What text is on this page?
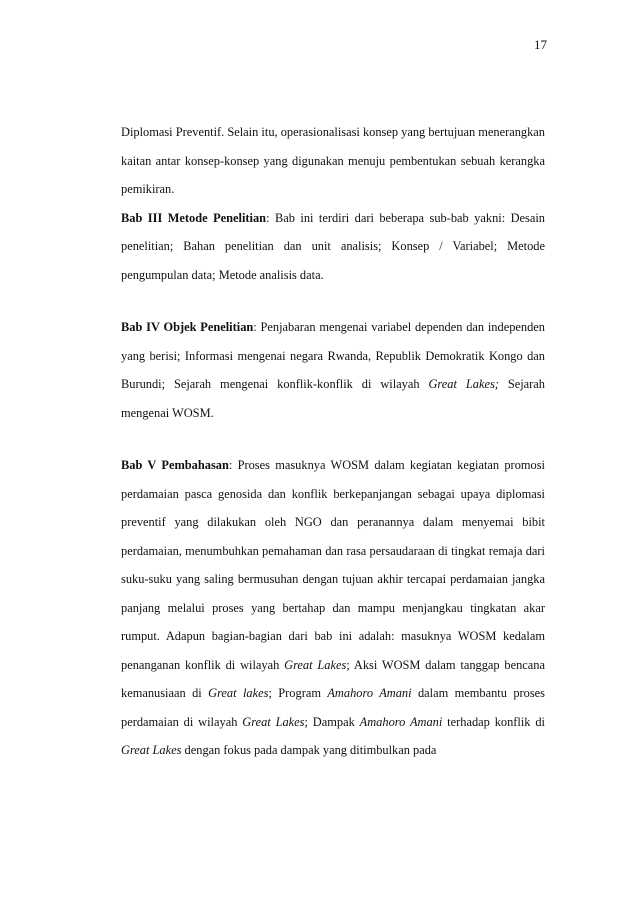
17

Diplomasi Preventif. Selain itu, operasionalisasi konsep yang bertujuan menerangkan kaitan antar konsep-konsep yang digunakan menuju pembentukan sebuah kerangka pemikiran.

Bab III Metode Penelitian: Bab ini terdiri dari beberapa sub-bab yakni: Desain penelitian; Bahan penelitian dan unit analisis; Konsep / Variabel; Metode pengumpulan data; Metode analisis data.

Bab IV Objek Penelitian: Penjabaran mengenai variabel dependen dan independen yang berisi; Informasi mengenai negara Rwanda, Republik Demokratik Kongo dan Burundi; Sejarah mengenai konflik-konflik di wilayah Great Lakes; Sejarah mengenai WOSM.

Bab V Pembahasan: Proses masuknya WOSM dalam kegiatan kegiatan promosi perdamaian pasca genosida dan konflik berkepanjangan sebagai upaya diplomasi preventif yang dilakukan oleh NGO dan peranannya dalam menyemai bibit perdamaian, menumbuhkan pemahaman dan rasa persaudaraan di tingkat remaja dari suku-suku yang saling bermusuhan dengan tujuan akhir tercapai perdamaian jangka panjang melalui proses yang bertahap dan mampu menjangkau tingkatan akar rumput. Adapun bagian-bagian dari bab ini adalah: masuknya WOSM kedalam penanganan konflik di wilayah Great Lakes; Aksi WOSM dalam tanggap bencana kemanusiaan di Great lakes; Program Amahoro Amani dalam membantu proses perdamaian di wilayah Great Lakes; Dampak Amahoro Amani terhadap konflik di Great Lakes dengan fokus pada dampak yang ditimbulkan pada
